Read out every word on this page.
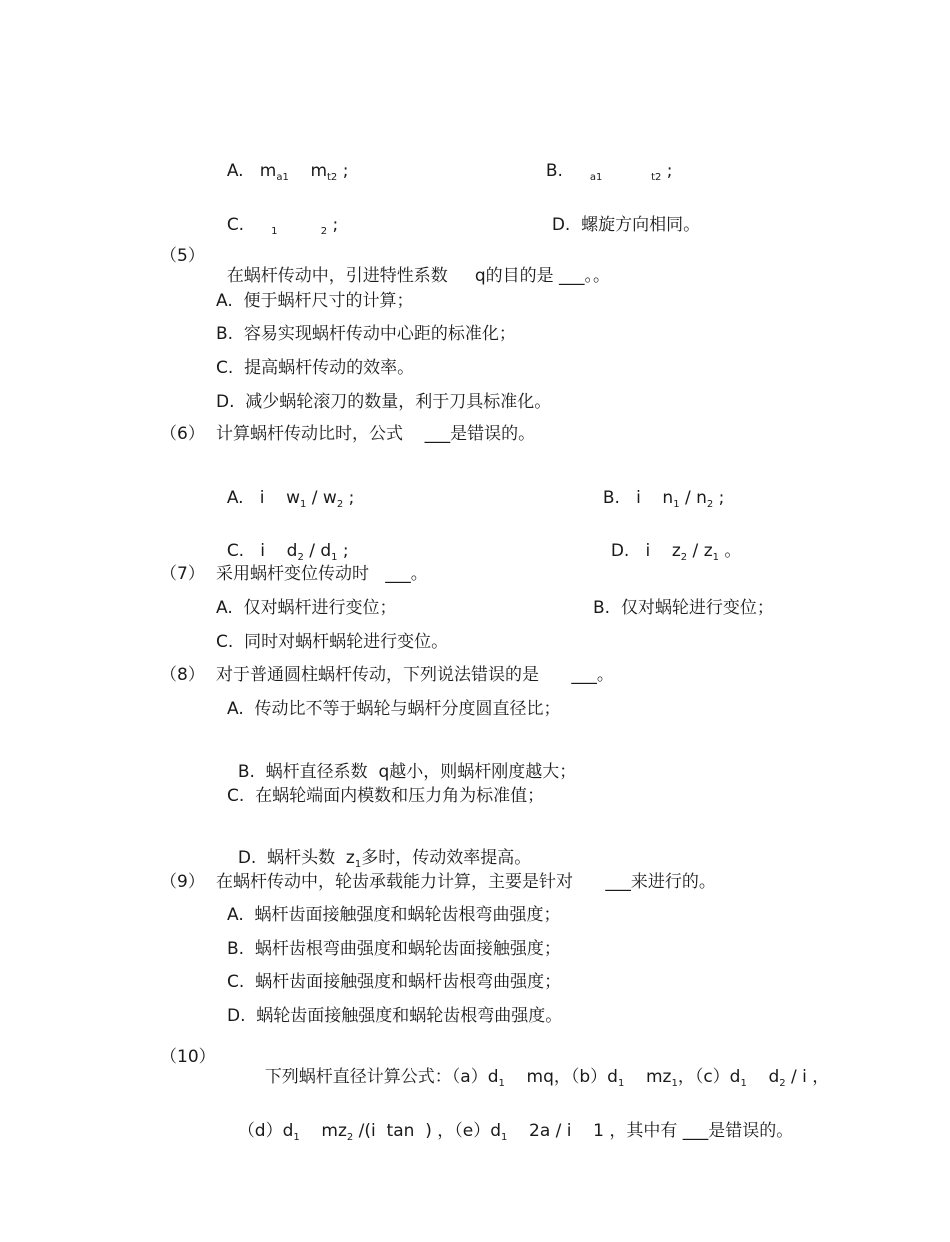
A. $m_{a1}$ $m_{t2}$ ;	B.	$_{a1}$	$_{t2}$ ;

C.	$_1$	$_2$ ;	D. 螺旋方向相同。

（5）

在蜗杆传动中，引进特性系数 q的目的是 ___。。

A.  便于蜗杆尺寸的计算；
B.  容易实现蜗杆传动中心距的标准化；
C.  提高蜗杆传动的效率。
D.  减少蜗轮滚刀的数量，利于刀具标准化。
（6） 计算蜗杆传动比时，公式    ___是错误的。

A.   i    $w_1 / w_2$ ;	B.   i    $n_1 / n_2$ ;

C.   i    $d_2 / d_1$ ;	D.   i    $z_2 / z_1$ 。

（7） 采用蜗杆变位传动时   ___。
A.  仅对蜗杆进行变位；	B.  仅对蜗轮进行变位；
C.  同时对蜗杆蜗轮进行变位。
（8） 对于普通圆柱蜗杆传动，下列说法错误的是      ___。
A.  传动比不等于蜗轮与蜗杆分度圆直径比；

B.  蜗杆直径系数  q越小，则蜗杆刚度越大；

C.  在蜗轮端面内模数和压力角为标准值；

D.  蜗杆头数  $z_1$多时，传动效率提高。

（9） 在蜗杆传动中，轮齿承载能力计算，主要是针对      ___来进行的。
A.  蜗杆齿面接触强度和蜗轮齿根弯曲强度；
B.  蜗杆齿根弯曲强度和蜗轮齿面接触强度；
C.  蜗杆齿面接触强度和蜗杆齿根弯曲强度；
D.  蜗轮齿面接触强度和蜗轮齿根弯曲强度。
（10）

下列蜗杆直径计算公式：$(a)d_1$    mq，$(b)d_1$    $mz_1$，$(c)d_1$    $d_2$ / i ，

$(d)d_1$    $mz_2$ /(i  tan  ) ，$(e)d_1$    2a / i    1 ，其中有 ___是错误的。
